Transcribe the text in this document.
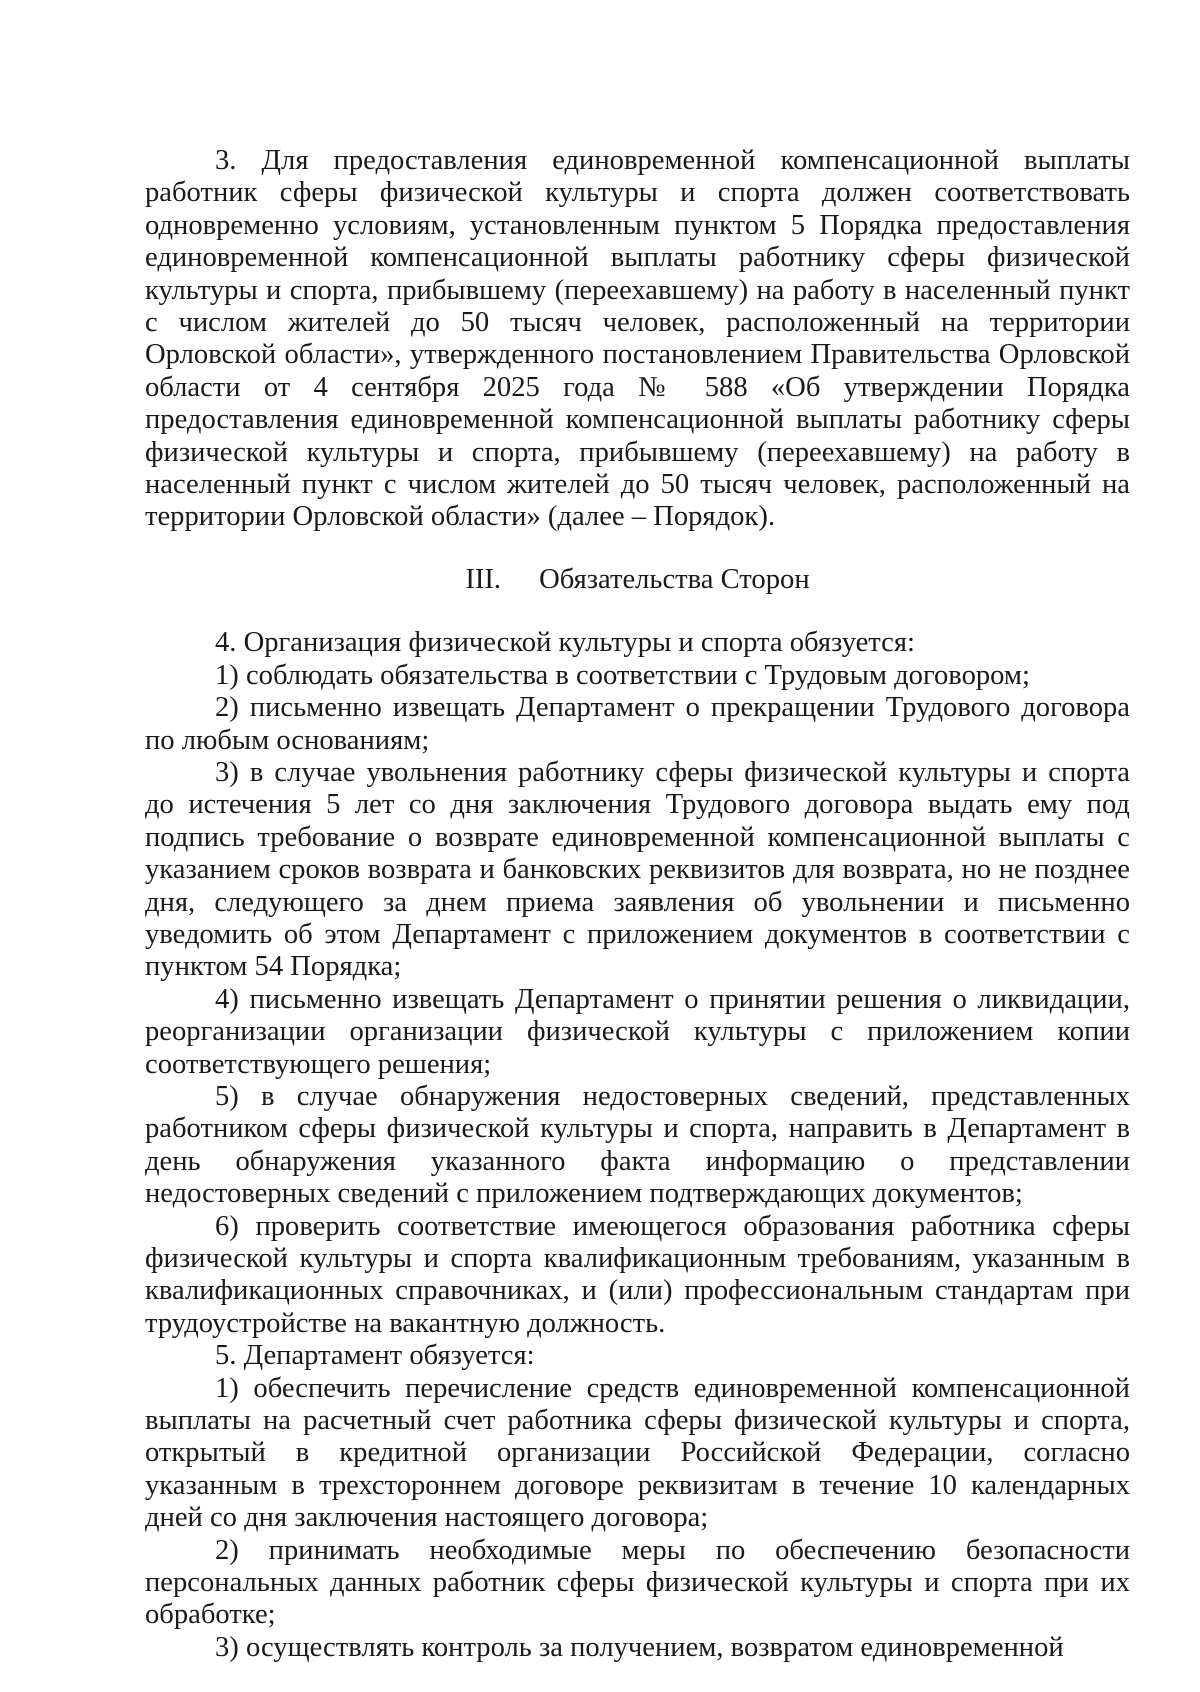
3. Для предоставления единовременной компенсационной выплаты работник сферы физической культуры и спорта должен соответствовать одновременно условиям, установленным пунктом 5 Порядка предоставления единовременной компенсационной выплаты работнику сферы физической культуры и спорта, прибывшему (переехавшему) на работу в населенный пункт с числом жителей до 50 тысяч человек, расположенный на территории Орловской области», утвержденного постановлением Правительства Орловской области от 4 сентября 2025 года № 588 «Об утверждении Порядка предоставления единовременной компенсационной выплаты работнику сферы физической культуры и спорта, прибывшему (переехавшему) на работу в населенный пункт с числом жителей до 50 тысяч человек, расположенный на территории Орловской области» (далее – Порядок).

III. Обязательства Сторон

4. Организация физической культуры и спорта обязуется:

1) соблюдать обязательства в соответствии с Трудовым договором;

2) письменно извещать Департамент о прекращении Трудового договора по любым основаниям;

3) в случае увольнения работнику сферы физической культуры и спорта до истечения 5 лет со дня заключения Трудового договора выдать ему под подпись требование о возврате единовременной компенсационной выплаты с указанием сроков возврата и банковских реквизитов для возврата, но не позднее дня, следующего за днем приема заявления об увольнении и письменно уведомить об этом Департамент с приложением документов в соответствии с пунктом 54 Порядка;

4) письменно извещать Департамент о принятии решения о ликвидации, реорганизации организации физической культуры с приложением копии соответствующего решения;

5) в случае обнаружения недостоверных сведений, представленных работником сферы физической культуры и спорта, направить в Департамент в день обнаружения указанного факта информацию о представлении недостоверных сведений с приложением подтверждающих документов;

6) проверить соответствие имеющегося образования работника сферы физической культуры и спорта квалификационным требованиям, указанным в квалификационных справочниках, и (или) профессиональным стандартам при трудоустройстве на вакантную должность.

5. Департамент обязуется:

1) обеспечить перечисление средств единовременной компенсационной выплаты на расчетный счет работника сферы физической культуры и спорта, открытый в кредитной организации Российской Федерации, согласно указанным в трехстороннем договоре реквизитам в течение 10 календарных дней со дня заключения настоящего договора;

2) принимать необходимые меры по обеспечению безопасности персональных данных работник сферы физической культуры и спорта при их обработке;

3) осуществлять контроль за получением, возвратом единовременной
